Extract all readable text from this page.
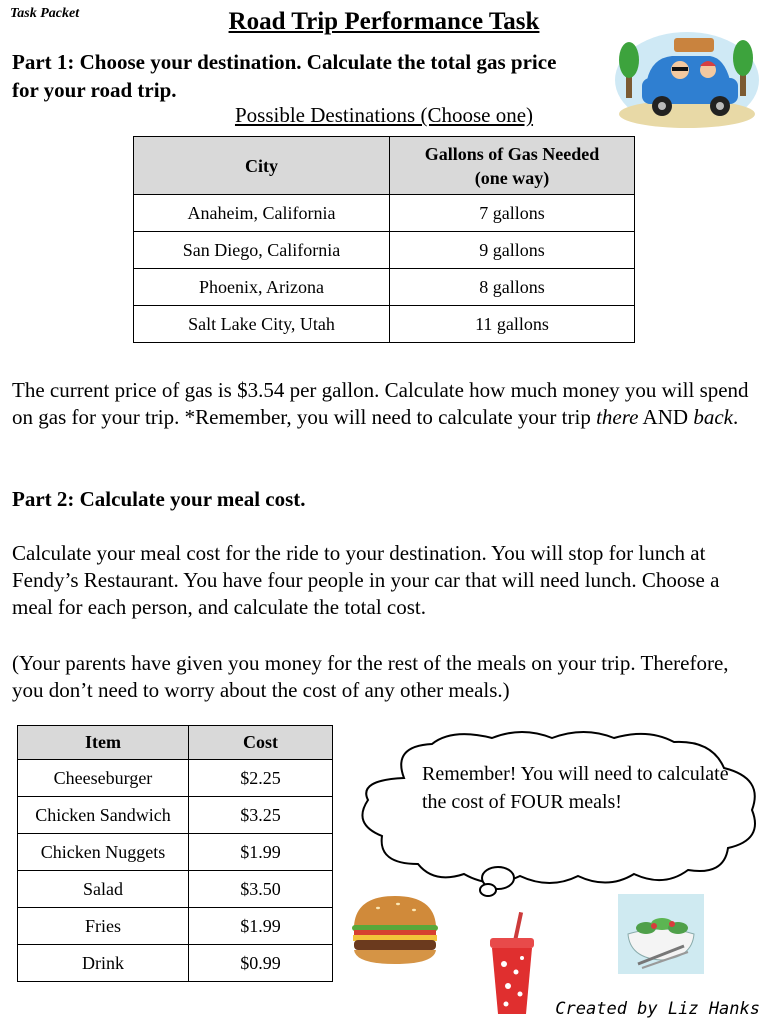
Task Packet	Road Trip Performance Task
Part 1: Choose your destination. Calculate the total gas price
for your road trip.
Possible Destinations (Choose one)
City	Gallons of Gas Needed
(one way)
Anaheim, California	7 gallons
San Diego, California	9 gallons
Phoenix, Arizona	8 gallons
Salt Lake City, Utah	11 gallons
The current price of gas is $3.54 per gallon. Calculate how much money you will spend on gas for your trip. *Remember, you will need to calculate your trip there AND back.
Part 2: Calculate your meal cost.
Calculate your meal cost for the ride to your destination. You will stop for lunch at Fendy’s Restaurant. You have four people in your car that will need lunch. Choose a meal for each person, and calculate the total cost.
(Your parents have given you money for the rest of the meals on your trip. Therefore, you don’t need to worry about the cost of any other meals.)
Item	Cost
Cheeseburger	$2.25
Chicken Sandwich	$3.25
Chicken Nuggets	$1.99
Salad	$3.50
Fries	$1.99
Drink	$0.99
Remember! You will need to calculate the cost of FOUR meals!
Created by Liz Hanks
